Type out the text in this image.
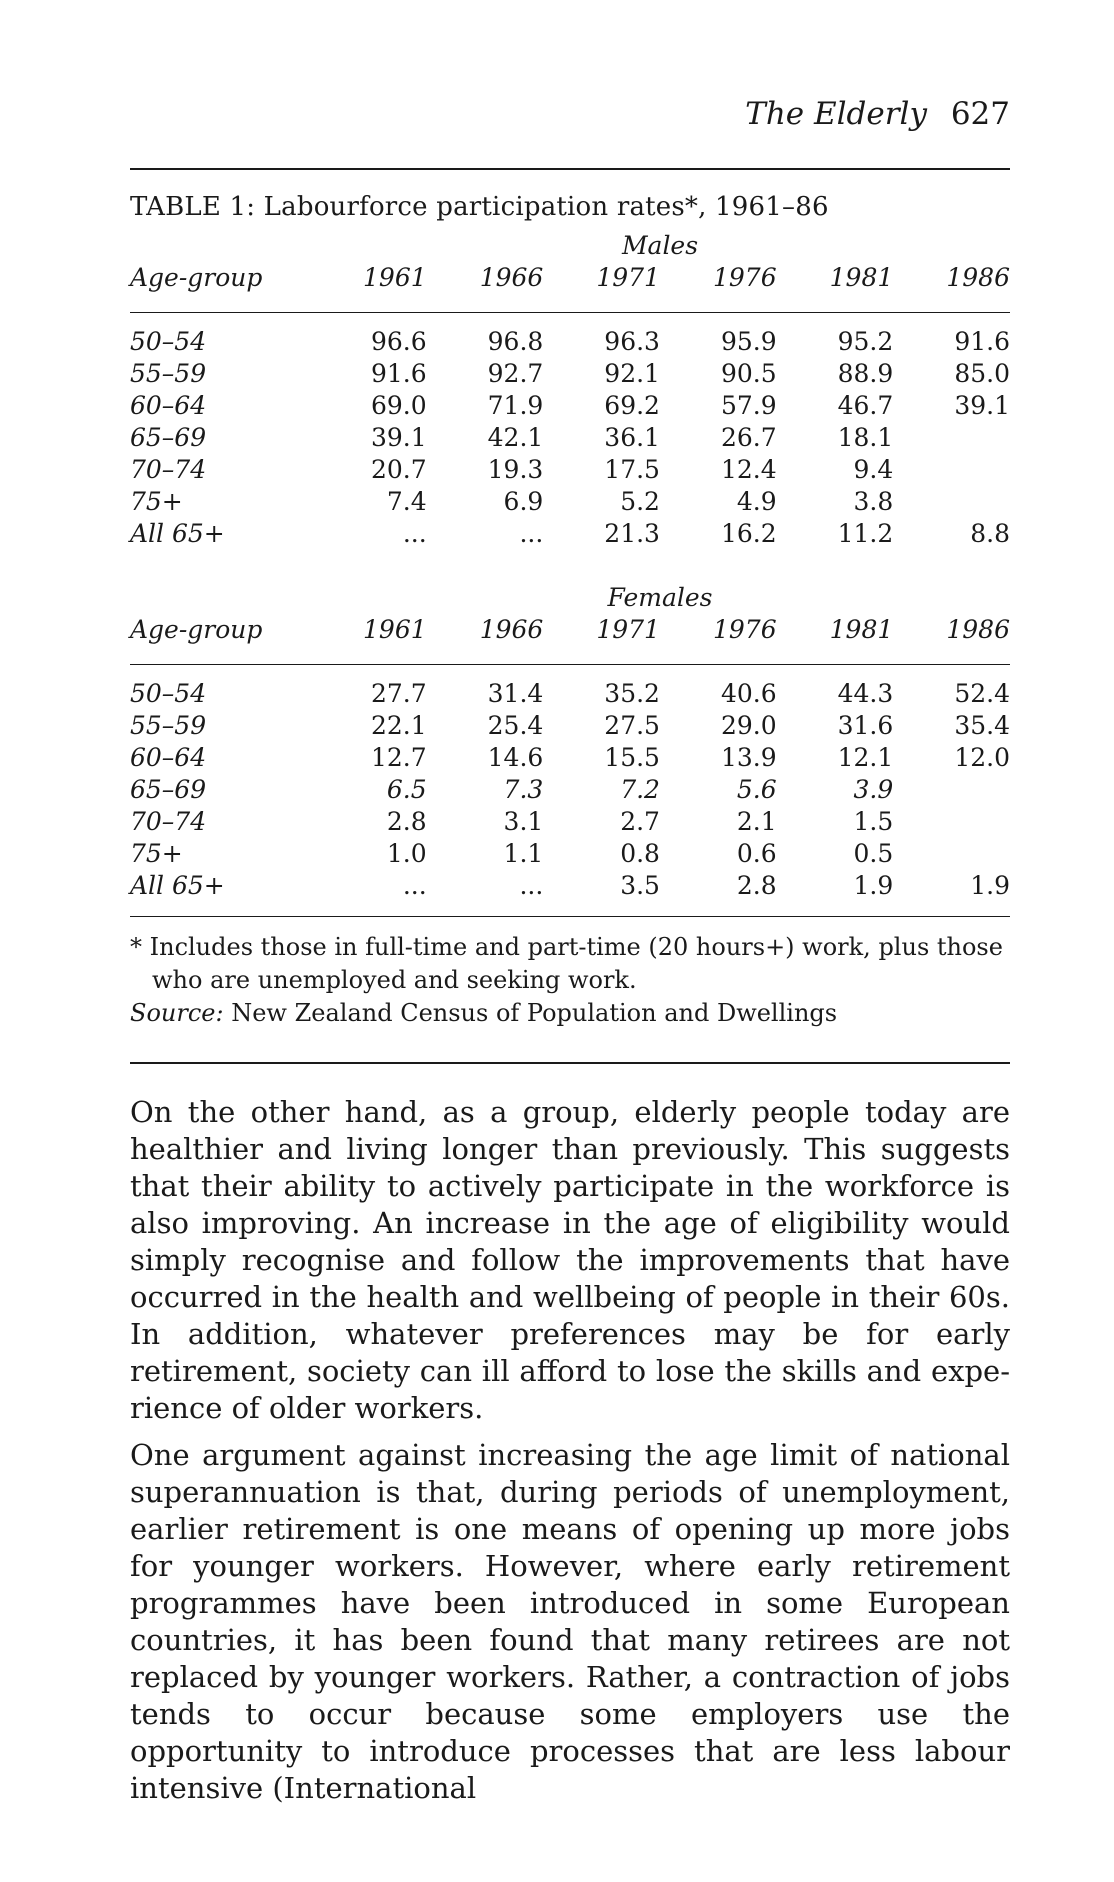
The Elderly 627
TABLE 1: Labourforce participation rates*, 1961–86
	Males					
Age-group	1961	1966	1971	1976	1981	1986

50–54	96.6	96.8	96.3	95.9	95.2	91.6
55–59	91.6	92.7	92.1	90.5	88.9	85.0
60–64	69.0	71.9	69.2	57.9	46.7	39.1
65–69	39.1	42.1	36.1	26.7	18.1	
70–74	20.7	19.3	17.5	12.4	9.4	
75+	7.4	6.9	5.2	4.9	3.8	
All 65+	...	...	21.3	16.2	11.2	8.8

	Females					
Age-group	1961	1966	1971	1976	1981	1986

50–54	27.7	31.4	35.2	40.6	44.3	52.4
55–59	22.1	25.4	27.5	29.0	31.6	35.4
60–64	12.7	14.6	15.5	13.9	12.1	12.0
65–69	6.5	7.3	7.2	5.6	3.9	
70–74	2.8	3.1	2.7	2.1	1.5	
75+	1.0	1.1	0.8	0.6	0.5	
All 65+	...	...	3.5	2.8	1.9	1.9
* Includes those in full-time and part-time (20 hours+) work, plus those who are unemployed and seeking work.
Source: New Zealand Census of Population and Dwellings

On the other hand, as a group, elderly people today are healthier and living longer than previously. This suggests that their ability to actively participate in the workforce is also improving. An increase in the age of eligibility would simply recognise and follow the improvements that have occurred in the health and wellbeing of people in their 60s. In addition, whatever preferences may be for early retirement, society can ill afford to lose the skills and experience of older workers.

One argument against increasing the age limit of national superannuation is that, during periods of unemployment, earlier retirement is one means of opening up more jobs for younger workers. However, where early retirement programmes have been introduced in some European countries, it has been found that many retirees are not replaced by younger workers. Rather, a contraction of jobs tends to occur because some employers use the opportunity to introduce processes that are less labour intensive (International
